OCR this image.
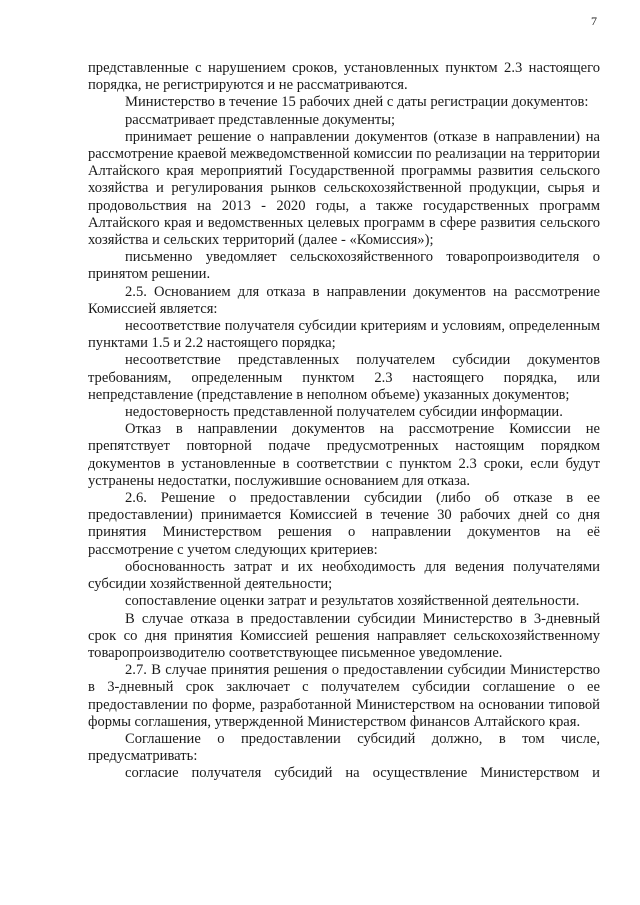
7

представленные с нарушением сроков, установленных пунктом 2.3 настоящего порядка, не регистрируются и не рассматриваются.

Министерство в течение 15 рабочих дней с даты регистрации документов:

рассматривает представленные документы;

принимает решение о направлении документов (отказе в направлении) на рассмотрение краевой межведомственной комиссии по реализации на территории Алтайского края мероприятий Государственной программы развития сельского хозяйства и регулирования рынков сельскохозяйственной продукции, сырья и продовольствия на 2013 - 2020 годы, а также государственных программ Алтайского края и ведомственных целевых программ в сфере развития сельского хозяйства и сельских территорий (далее - «Комиссия»);

письменно уведомляет сельскохозяйственного товаропроизводителя о принятом решении.

2.5. Основанием для отказа в направлении документов на рассмотрение Комиссией является:

несоответствие получателя субсидии критериям и условиям, определенным пунктами 1.5 и 2.2 настоящего порядка;

несоответствие представленных получателем субсидии документов требованиям, определенным пунктом 2.3 настоящего порядка, или непредставление (представление в неполном объеме) указанных документов;

недостоверность представленной получателем субсидии информации.

Отказ в направлении документов на рассмотрение Комиссии не препятствует повторной подаче предусмотренных настоящим порядком документов в установленные в соответствии с пунктом 2.3 сроки, если будут устранены недостатки, послужившие основанием для отказа.

2.6. Решение о предоставлении субсидии (либо об отказе в ее предоставлении) принимается Комиссией в течение 30 рабочих дней со дня принятия Министерством решения о направлении документов на её рассмотрение с учетом следующих критериев:

обоснованность затрат и их необходимость для ведения получателями субсидии хозяйственной деятельности;

сопоставление оценки затрат и результатов хозяйственной деятельности.

В случае отказа в предоставлении субсидии Министерство в 3-дневный срок со дня принятия Комиссией решения направляет сельскохозяйственному товаропроизводителю соответствующее письменное уведомление.

2.7. В случае принятия решения о предоставлении субсидии Министерство в 3-дневный срок заключает с получателем субсидии соглашение о ее предоставлении по форме, разработанной Министерством на основании типовой формы соглашения, утвержденной Министерством финансов Алтайского края.

Соглашение о предоставлении субсидий должно, в том числе, предусматривать:

согласие получателя субсидий на осуществление Министерством и
